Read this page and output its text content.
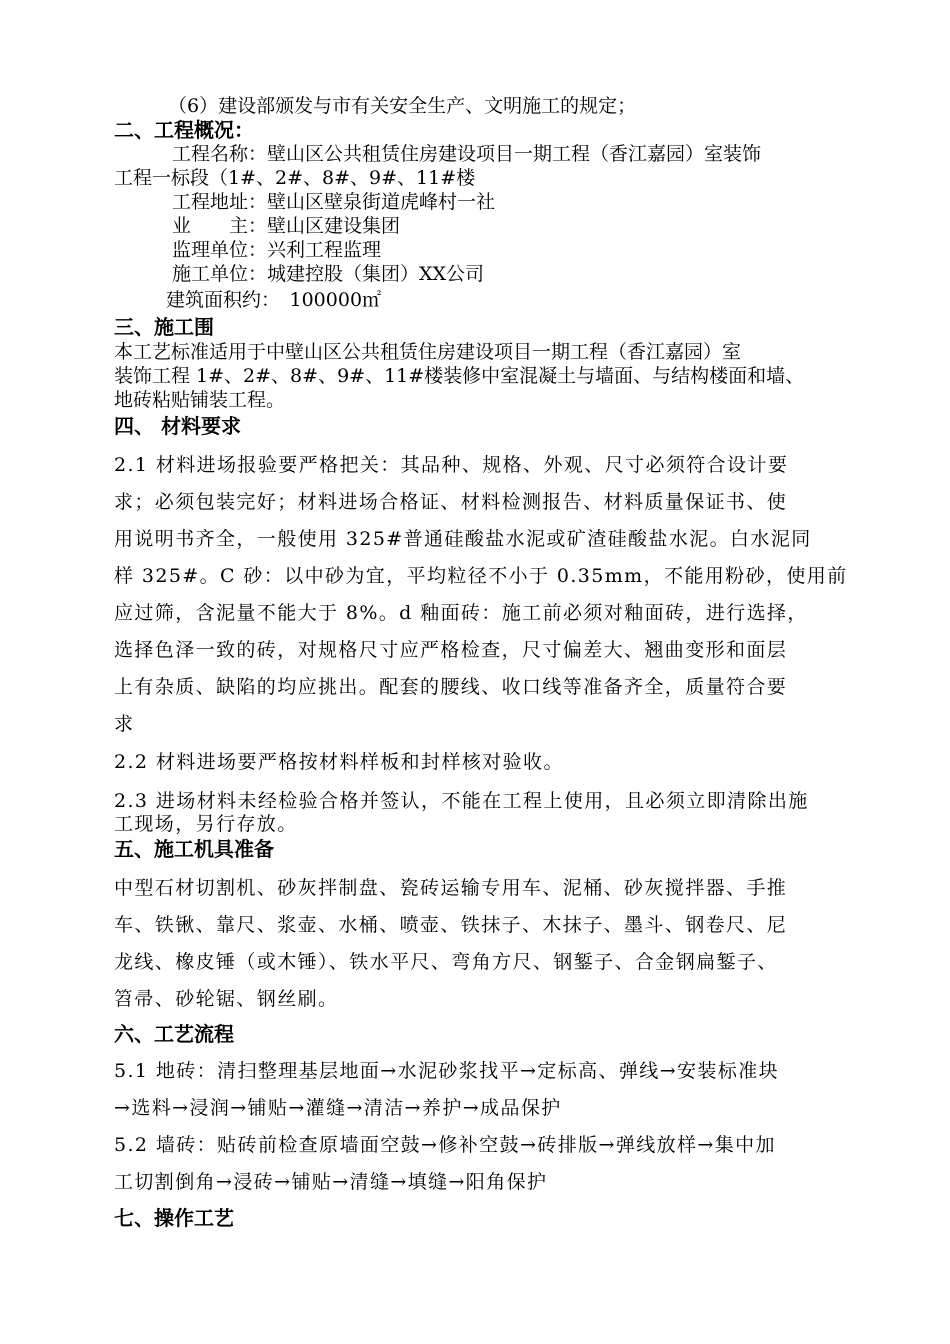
（6）建设部颁发与市有关安全生产、文明施工的规定；
二、工程概况：
工程名称：壁山区公共租赁住房建设项目一期工程（香江嘉园）室装饰
工程一标段（1#、2#、8#、9#、11#楼
工程地址：壁山区壁泉街道虎峰村一社
业　　主：壁山区建设集团
监理单位：兴利工程监理
施工单位：城建控股（集团）XX公司
建筑面积约：　100000㎡
三、施工围
本工艺标准适用于中壁山区公共租赁住房建设项目一期工程（香江嘉园）室
装饰工程 1#、2#、8#、9#、11#楼装修中室混凝土与墙面、与结构楼面和墙、
地砖粘贴铺装工程。
四、 材料要求
2.1 材料进场报验要严格把关：其品种、规格、外观、尺寸必须符合设计要
求；必须包装完好；材料进场合格证、材料检测报告、材料质量保证书、使
用说明书齐全，一般使用 325#普通硅酸盐水泥或矿渣硅酸盐水泥。白水泥同
样 325#。C 砂：以中砂为宜，平均粒径不小于 0.35mm，不能用粉砂，使用前
应过筛，含泥量不能大于 8%。d 釉面砖：施工前必须对釉面砖，进行选择，
选择色泽一致的砖，对规格尺寸应严格检查，尺寸偏差大、翘曲变形和面层
上有杂质、缺陷的均应挑出。配套的腰线、收口线等准备齐全，质量符合要
求
2.2 材料进场要严格按材料样板和封样核对验收。
2.3 进场材料未经检验合格并签认，不能在工程上使用，且必须立即清除出施
工现场，另行存放。
五、施工机具准备
中型石材切割机、砂灰拌制盘、瓷砖运输专用车、泥桶、砂灰搅拌器、手推
车、铁锹、靠尺、浆壶、水桶、喷壶、铁抹子、木抹子、墨斗、钢卷尺、尼
龙线、橡皮锤（或木锤）、铁水平尺、弯角方尺、钢錾子、合金钢扁錾子、
笤帚、砂轮锯、钢丝刷。
六、工艺流程
5.1 地砖：清扫整理基层地面→水泥砂浆找平→定标高、弹线→安装标准块
→选料→浸润→铺贴→灌缝→清洁→养护→成品保护
5.2 墙砖：贴砖前检查原墙面空鼓→修补空鼓→砖排版→弹线放样→集中加
工切割倒角→浸砖→铺贴→清缝→填缝→阳角保护
七、操作工艺
